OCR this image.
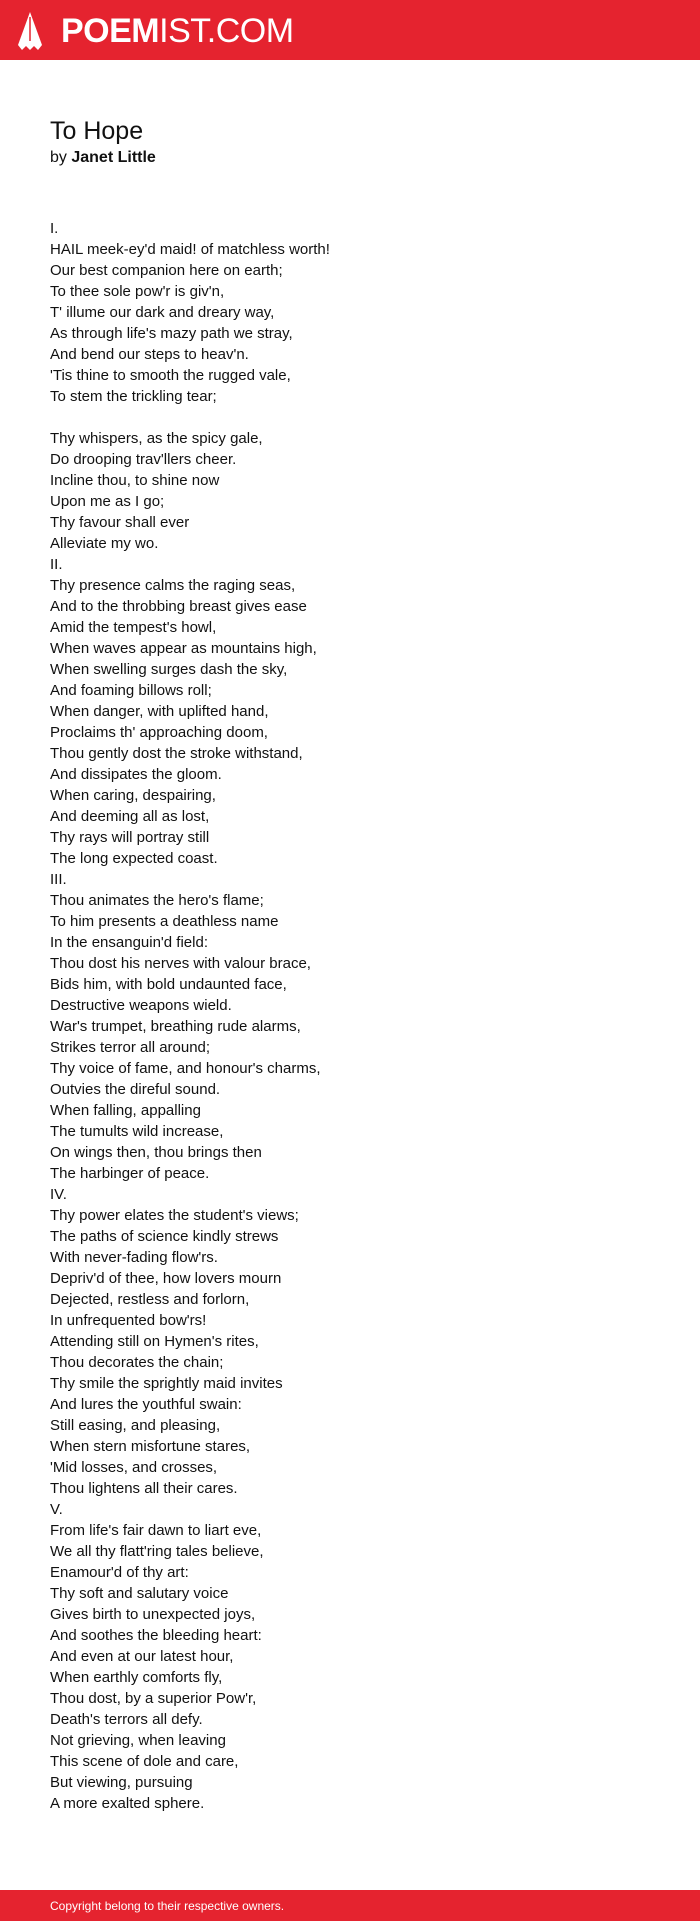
POEMIST.COM
To Hope
by Janet Little
I.
HAIL meek-ey'd maid! of matchless worth!
Our best companion here on earth;
To thee sole pow'r is giv'n,
T' illume our dark and dreary way,
As through life's mazy path we stray,
And bend our steps to heav'n.
'Tis thine to smooth the rugged vale,
To stem the trickling tear;
Thy whispers, as the spicy gale,
Do drooping trav'llers cheer.
Incline thou, to shine now
Upon me as I go;
Thy favour shall ever
Alleviate my wo.
II.
Thy presence calms the raging seas,
And to the throbbing breast gives ease
Amid the tempest's howl,
When waves appear as mountains high,
When swelling surges dash the sky,
And foaming billows roll;
When danger, with uplifted hand,
Proclaims th' approaching doom,
Thou gently dost the stroke withstand,
And dissipates the gloom.
When caring, despairing,
And deeming all as lost,
Thy rays will portray still
The long expected coast.
III.
Thou animates the hero's flame;
To him presents a deathless name
In the ensanguin'd field:
Thou dost his nerves with valour brace,
Bids him, with bold undaunted face,
Destructive weapons wield.
War's trumpet, breathing rude alarms,
Strikes terror all around;
Thy voice of fame, and honour's charms,
Outvies the direful sound.
When falling, appalling
The tumults wild increase,
On wings then, thou brings then
The harbinger of peace.
IV.
Thy power elates the student's views;
The paths of science kindly strews
With never-fading flow'rs.
Depriv'd of thee, how lovers mourn
Dejected, restless and forlorn,
In unfrequented bow'rs!
Attending still on Hymen's rites,
Thou decorates the chain;
Thy smile the sprightly maid invites
And lures the youthful swain:
Still easing, and pleasing,
When stern misfortune stares,
'Mid losses, and crosses,
Thou lightens all their cares.
V.
From life's fair dawn to liart eve,
We all thy flatt'ring tales believe,
Enamour'd of thy art:
Thy soft and salutary voice
Gives birth to unexpected joys,
And soothes the bleeding heart:
And even at our latest hour,
When earthly comforts fly,
Thou dost, by a superior Pow'r,
Death's terrors all defy.
Not grieving, when leaving
This scene of dole and care,
But viewing, pursuing
A more exalted sphere.
Copyright belong to their respective owners.
